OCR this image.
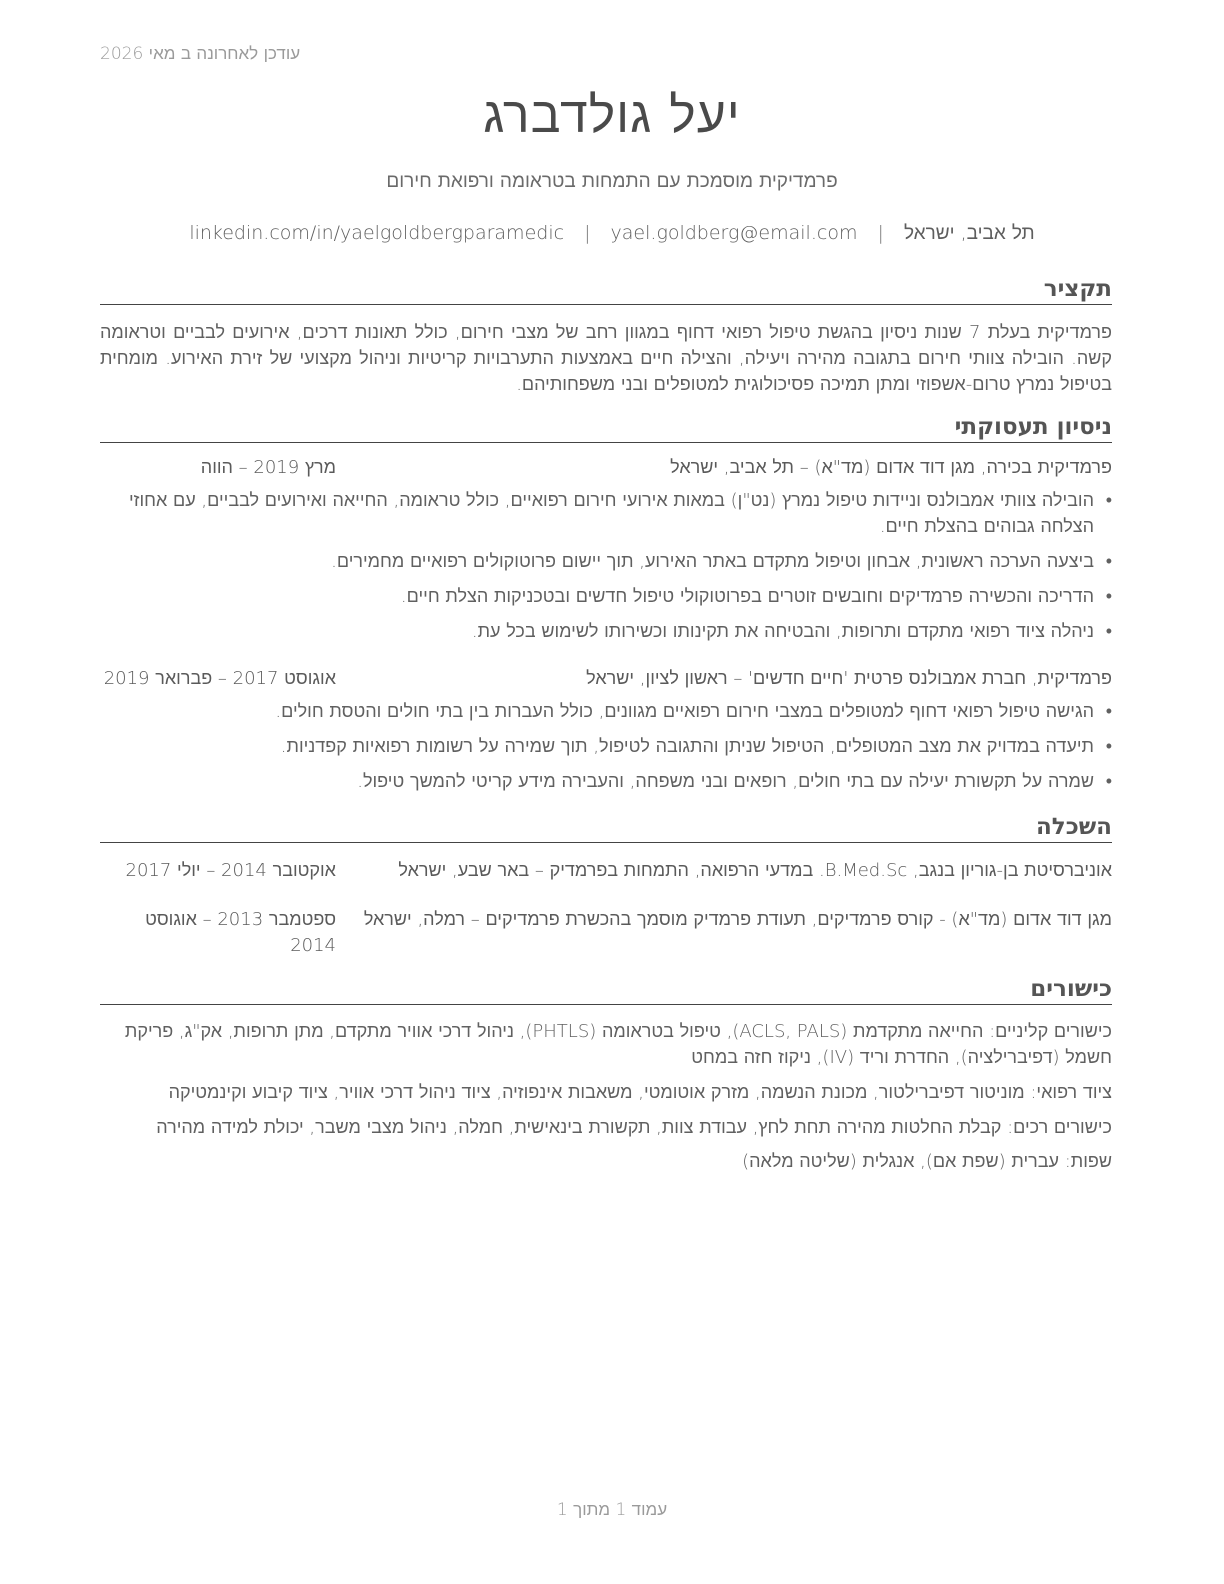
עודכן לאחרונה ב מאי 2026
יעל גולדברג
פרמדיקית מוסמכת עם התמחות בטראומה ורפואת חירום
תל אביב, ישראל | yael.goldberg@email.com | linkedin.com/in/yaelgoldbergparamedic
תקציר

פרמדיקית בעלת 7 שנות ניסיון בהגשת טיפול רפואי דחוף במגוון רחב של מצבי חירום, כולל תאונות דרכים, אירועים לבביים וטראומה קשה. הובילה צוותי חירום בתגובה מהירה ויעילה, והצילה חיים באמצעות התערבויות קריטיות וניהול מקצועי של זירת האירוע. מומחית בטיפול נמרץ טרום-אשפוזי ומתן תמיכה פסיכולוגית למטופלים ובני משפחותיהם.

ניסיון תעסוקתי
פרמדיקית בכירה, מגן דוד אדום (מד"א) – תל אביב, ישראל
מרץ 2019 – הווה
• הובילה צוותי אמבולנס וניידות טיפול נמרץ (נט"ן) במאות אירועי חירום רפואיים, כולל טראומה, החייאה ואירועים לבביים, עם אחוזי הצלחה גבוהים בהצלת חיים.
• ביצעה הערכה ראשונית, אבחון וטיפול מתקדם באתר האירוע, תוך יישום פרוטוקולים רפואיים מחמירים.
• הדריכה והכשירה פרמדיקים וחובשים זוטרים בפרוטוקולי טיפול חדשים ובטכניקות הצלת חיים.
• ניהלה ציוד רפואי מתקדם ותרופות, והבטיחה את תקינותו וכשירותו לשימוש בכל עת.
פרמדיקית, חברת אמבולנס פרטית 'חיים חדשים' – ראשון לציון, ישראל
אוגוסט 2017 – פברואר 2019
• הגישה טיפול רפואי דחוף למטופלים במצבי חירום רפואיים מגוונים, כולל העברות בין בתי חולים והטסת חולים.
• תיעדה במדויק את מצב המטופלים, הטיפול שניתן והתגובה לטיפול, תוך שמירה על רשומות רפואיות קפדניות.
• שמרה על תקשורת יעילה עם בתי חולים, רופאים ובני משפחה, והעבירה מידע קריטי להמשך טיפול.
השכלה
אוניברסיטת בן-גוריון בנגב, B.Med.Sc. במדעי הרפואה, התמחות בפרמדיק – באר שבע, ישראל
אוקטובר 2014 – יולי 2017
מגן דוד אדום (מד"א) - קורס פרמדיקים, תעודת פרמדיק מוסמך בהכשרת פרמדיקים – רמלה, ישראל
ספטמבר 2013 – אוגוסט 2014
כישורים

כישורים קליניים: החייאה מתקדמת (ACLS, PALS), טיפול בטראומה (PHTLS), ניהול דרכי אוויר מתקדם, מתן תרופות, אק"ג, פריקת חשמל (דפיברילציה), החדרת וריד (IV), ניקוז חזה במחט

ציוד רפואי: מוניטור דפיברילטור, מכונת הנשמה, מזרק אוטומטי, משאבות אינפוזיה, ציוד ניהול דרכי אוויר, ציוד קיבוע וקינמטיקה

כישורים רכים: קבלת החלטות מהירה תחת לחץ, עבודת צוות, תקשורת בינאישית, חמלה, ניהול מצבי משבר, יכולת למידה מהירה

שפות: עברית (שפת אם), אנגלית (שליטה מלאה)

עמוד 1 מתוך 1
